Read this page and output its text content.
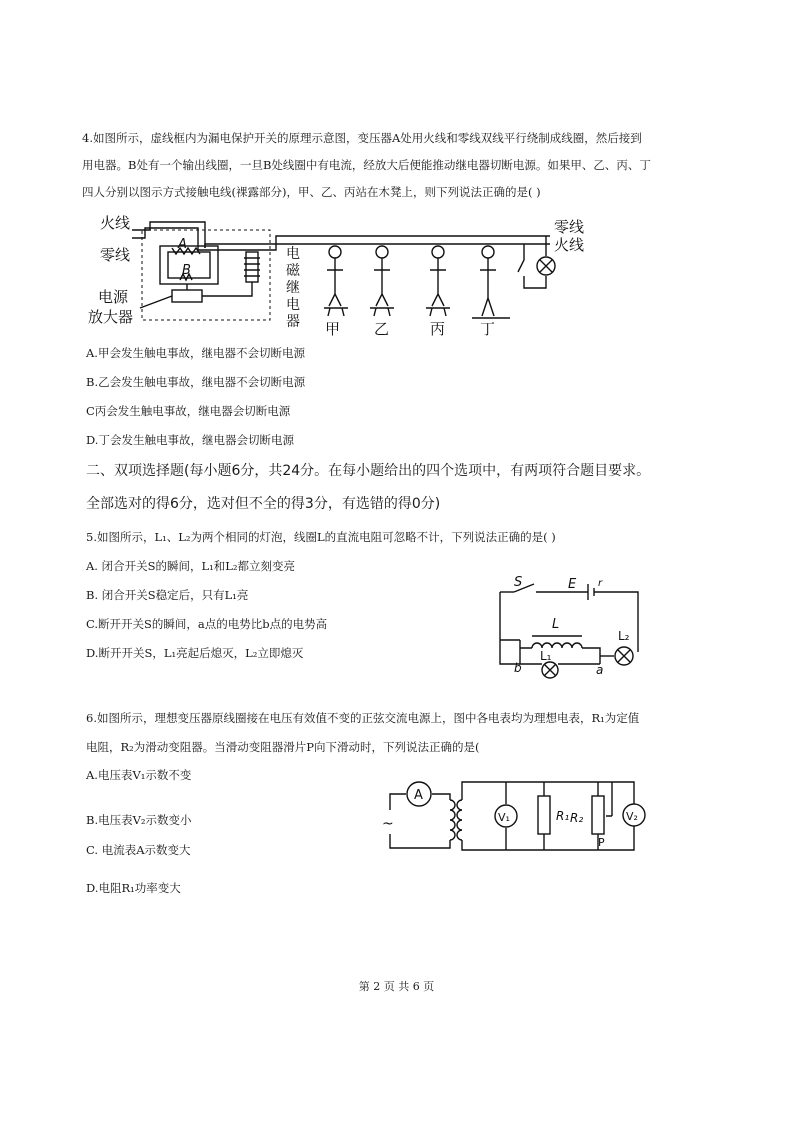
4.如图所示，虚线框内为漏电保护开关的原理示意图，变压器A处用火线和零线双线平行绕制成线圈，然后接到
用电器。B处有一个输出线圈，一旦B处线圈中有电流，经放大后便能推动继电器切断电源。如果甲、乙、丙、丁
四人分别以图示方式接触电线(裸露部分)，甲、乙、丙站在木凳上，则下列说法正确的是( )
火线
零线
A
B
电源
放大器
电
磁
继
电
器
零线
火线
甲 乙	丙 丁
A.甲会发生触电事故，继电器不会切断电源
B.乙会发生触电事故，继电器不会切断电源
C丙会发生触电事故，继电器会切断电源
D.丁会发生触电事故，继电器会切断电源
二、双项选择题(每小题6分，共24分。在每小题给出的四个选项中，有两项符合题目要求。
全部选对的得6分，选对但不全的得3分，有选错的得0分)
5.如图所示，L₁、L₂为两个相同的灯泡，线圈L的直流电阻可忽略不计，下列说法正确的是( )
A. 闭合开关S的瞬间，L₁和L₂都立刻变亮
B. 闭合开关S稳定后，只有L₁亮
C.断开开关S的瞬间，a点的电势比b点的电势高
D.断开开关S，L₁亮起后熄灭，L₂立即熄灭
S	E r
L
L₁
b	a
L₂
6.如图所示，理想变压器原线圈接在电压有效值不变的正弦交流电源上，图中各电表均为理想电表，R₁为定值
电阻，R₂为滑动变阻器。当滑动变阻器滑片P向下滑动时，下列说法正确的是(
A.电压表V₁示数不变
B.电压表V₂示数变小
C. 电流表A示数变大
D.电阻R₁功率变大
~
A
V₁	R₁ R₂
P
V₂
第 2 页 共 6 页
